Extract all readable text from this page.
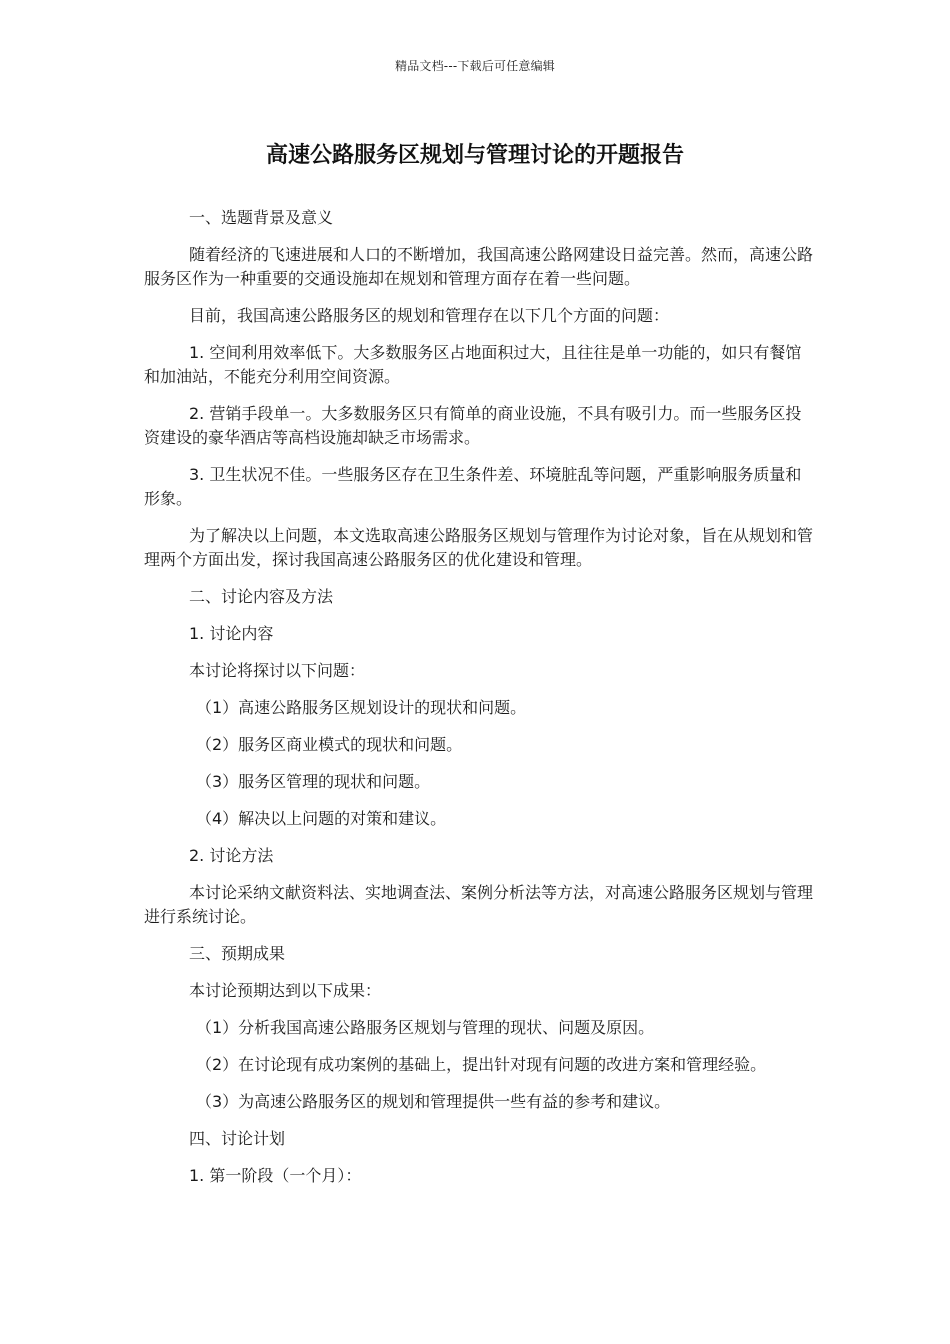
精品文档---下载后可任意编辑
高速公路服务区规划与管理讨论的开题报告

一、选题背景及意义

随着经济的飞速进展和人口的不断增加，我国高速公路网建设日益完善。然而，高速公路服务区作为一种重要的交通设施却在规划和管理方面存在着一些问题。

目前，我国高速公路服务区的规划和管理存在以下几个方面的问题：

1. 空间利用效率低下。大多数服务区占地面积过大，且往往是单一功能的，如只有餐馆和加油站，不能充分利用空间资源。

2. 营销手段单一。大多数服务区只有简单的商业设施，不具有吸引力。而一些服务区投资建设的豪华酒店等高档设施却缺乏市场需求。

3. 卫生状况不佳。一些服务区存在卫生条件差、环境脏乱等问题，严重影响服务质量和形象。

为了解决以上问题，本文选取高速公路服务区规划与管理作为讨论对象，旨在从规划和管理两个方面出发，探讨我国高速公路服务区的优化建设和管理。

二、讨论内容及方法

1. 讨论内容

本讨论将探讨以下问题：

（1）高速公路服务区规划设计的现状和问题。

（2）服务区商业模式的现状和问题。

（3）服务区管理的现状和问题。

（4）解决以上问题的对策和建议。

2. 讨论方法

本讨论采纳文献资料法、实地调查法、案例分析法等方法，对高速公路服务区规划与管理进行系统讨论。

三、预期成果

本讨论预期达到以下成果：

（1）分析我国高速公路服务区规划与管理的现状、问题及原因。

（2）在讨论现有成功案例的基础上，提出针对现有问题的改进方案和管理经验。

（3）为高速公路服务区的规划和管理提供一些有益的参考和建议。

四、讨论计划

1. 第一阶段（一个月）：
